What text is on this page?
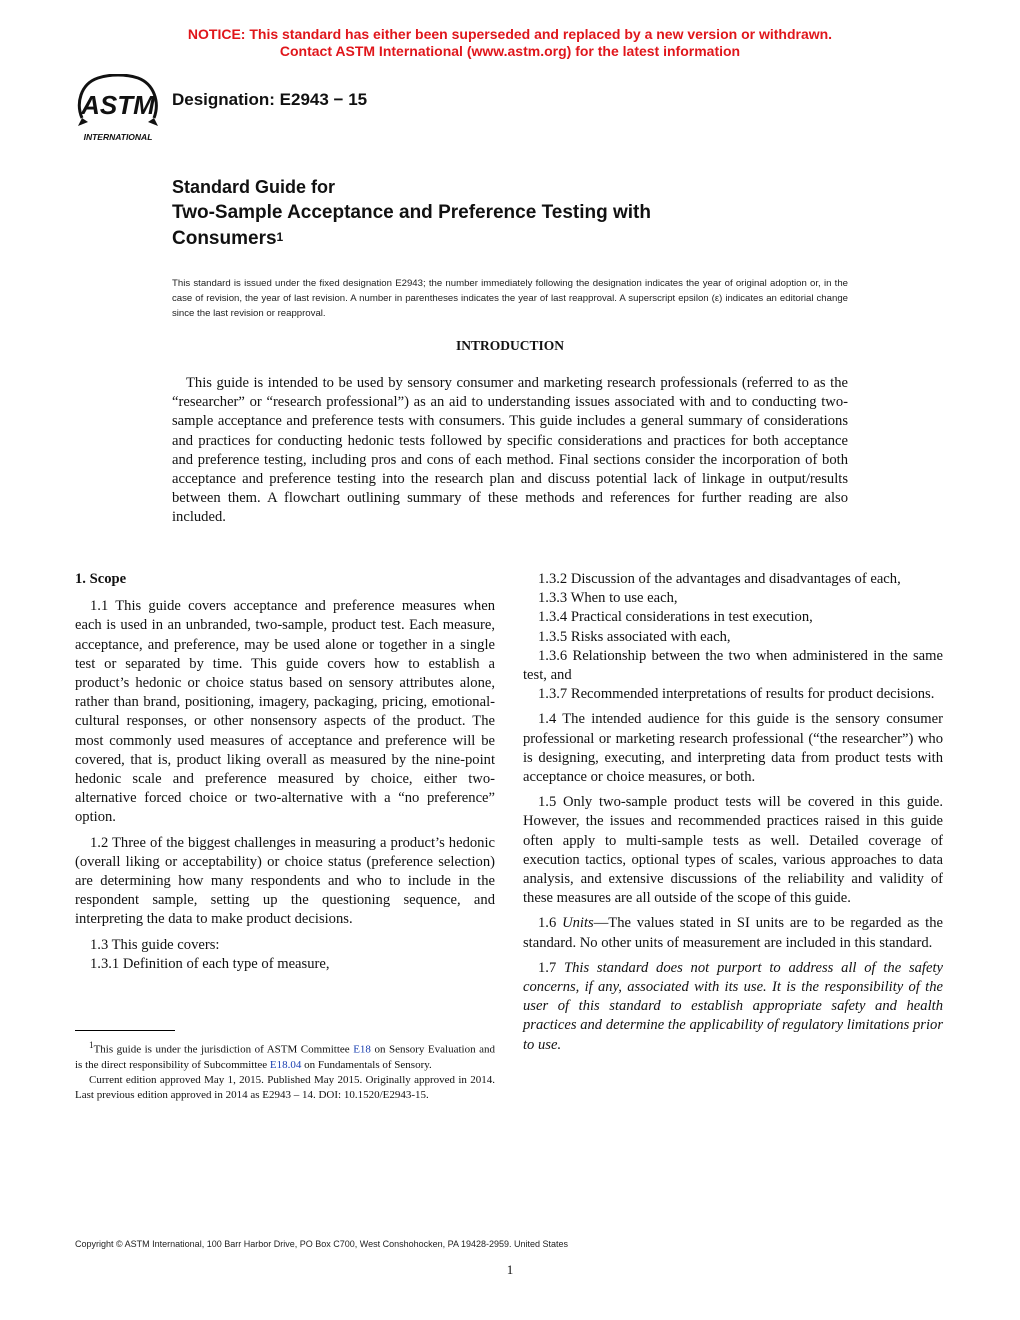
NOTICE: This standard has either been superseded and replaced by a new version or withdrawn.
Contact ASTM International (www.astm.org) for the latest information
ASTM
INTERNATIONAL
Designation: E2943 − 15
Standard Guide for
Two-Sample Acceptance and Preference Testing with
Consumers$^1$
This standard is issued under the fixed designation E2943; the number immediately following the designation indicates the year of original adoption or, in the case of revision, the year of last revision. A number in parentheses indicates the year of last reapproval. A superscript epsilon (ε) indicates an editorial change since the last revision or reapproval.
INTRODUCTION
This guide is intended to be used by sensory consumer and marketing research professionals (referred to as the “researcher” or “research professional”) as an aid to understanding issues associated with and to conducting two-sample acceptance and preference tests with consumers. This guide includes a general summary of considerations and practices for conducting hedonic tests followed by specific considerations and practices for both acceptance and preference testing, including pros and cons of each method. Final sections consider the incorporation of both acceptance and preference testing into the research plan and discuss potential lack of linkage in output/results between them. A flowchart outlining summary of these methods and references for further reading are also included.

1. Scope

1.1 This guide covers acceptance and preference measures when each is used in an unbranded, two-sample, product test. Each measure, acceptance, and preference, may be used alone or together in a single test or separated by time. This guide covers how to establish a product’s hedonic or choice status based on sensory attributes alone, rather than brand, positioning, imagery, packaging, pricing, emotional-cultural responses, or other nonsensory aspects of the product. The most commonly used measures of acceptance and preference will be covered, that is, product liking overall as measured by the nine-point hedonic scale and preference measured by choice, either two-alternative forced choice or two-alternative with a “no preference” option.

1.2 Three of the biggest challenges in measuring a product’s hedonic (overall liking or acceptability) or choice status (preference selection) are determining how many respondents and who to include in the respondent sample, setting up the questioning sequence, and interpreting the data to make product decisions.

1.3 This guide covers:

1.3.1 Definition of each type of measure,

$^1$This guide is under the jurisdiction of ASTM Committee E18 on Sensory Evaluation and is the direct responsibility of Subcommittee E18.04 on Fundamentals of Sensory.

Current edition approved May 1, 2015. Published May 2015. Originally approved in 2014. Last previous edition approved in 2014 as E2943 – 14. DOI: 10.1520/E2943-15.

1.3.2 Discussion of the advantages and disadvantages of each,

1.3.3 When to use each,

1.3.4 Practical considerations in test execution,

1.3.5 Risks associated with each,

1.3.6 Relationship between the two when administered in the same test, and

1.3.7 Recommended interpretations of results for product decisions.

1.4 The intended audience for this guide is the sensory consumer professional or marketing research professional (“the researcher”) who is designing, executing, and interpreting data from product tests with acceptance or choice measures, or both.

1.5 Only two-sample product tests will be covered in this guide. However, the issues and recommended practices raised in this guide often apply to multi-sample tests as well. Detailed coverage of execution tactics, optional types of scales, various approaches to data analysis, and extensive discussions of the reliability and validity of these measures are all outside of the scope of this guide.

1.6 Units—The values stated in SI units are to be regarded as the standard. No other units of measurement are included in this standard.

1.7 This standard does not purport to address all of the safety concerns, if any, associated with its use. It is the responsibility of the user of this standard to establish appropriate safety and health practices and determine the applicability of regulatory limitations prior to use.

Copyright © ASTM International, 100 Barr Harbor Drive, PO Box C700, West Conshohocken, PA 19428-2959. United States
1
